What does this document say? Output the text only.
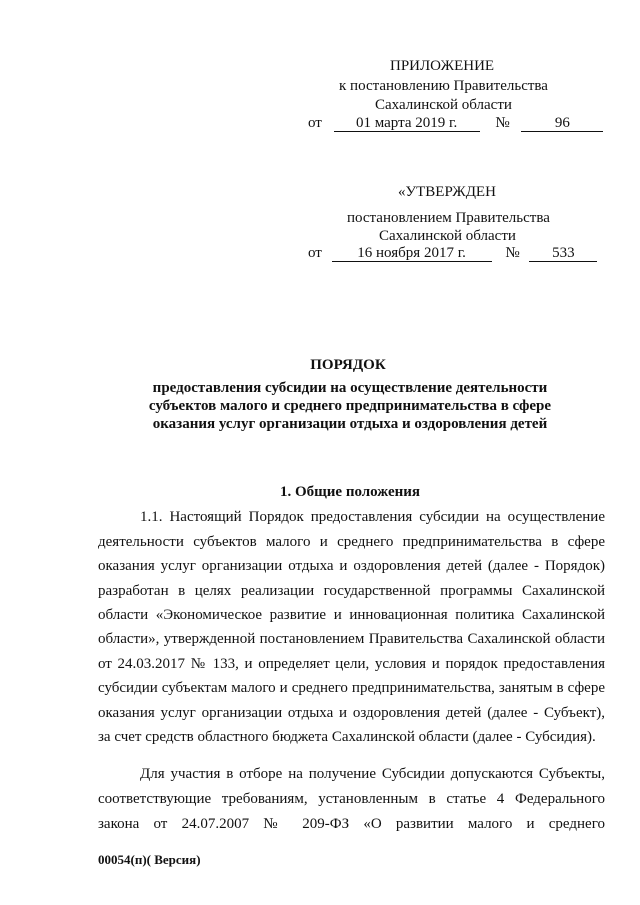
ПРИЛОЖЕНИЕ
к постановлению Правительства
Сахалинской области
от 01 марта 2019 г.	№	96
«УТВЕРЖДЕН
постановлением Правительства
Сахалинской области
от 16 ноября 2017 г.	№ 533
ПОРЯДОК
предоставления субсидии на осуществление деятельности
субъектов малого и среднего предпринимательства в сфере
оказания услуг организации отдыха и оздоровления детей
1. Общие положения
1.1. Настоящий Порядок предоставления субсидии на осуществление
деятельности субъектов малого и среднего предпринимательства в сфере
оказания услуг организации отдыха и оздоровления детей (далее - Порядок)
разработан в целях реализации государственной программы Сахалинской
области «Экономическое развитие и инновационная политика Сахалинской
области», утвержденной постановлением Правительства Сахалинской области
от 24.03.2017 № 133, и определяет цели, условия и порядок предоставления
субсидии субъектам малого и среднего предпринимательства, занятым в сфере
оказания услуг организации отдыха и оздоровления детей (далее - Субъект),
за счет средств областного бюджета Сахалинской области (далее - Субсидия).
Для участия в отборе на получение Субсидии допускаются Субъекты,
соответствующие требованиям, установленным в статье 4 Федерального
закона от 24.07.2007 № 209-ФЗ «О развитии малого и среднего
00054(п)( Версия)
